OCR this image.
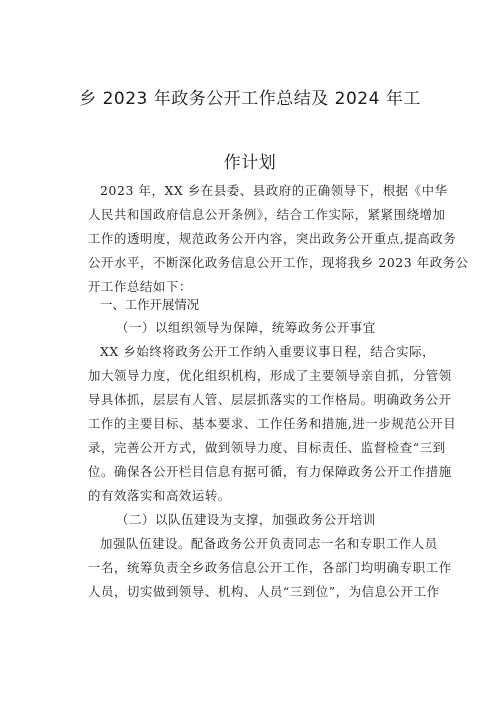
乡 2023 年政务公开工作总结及 2024 年工
作计划
2023 年，XX 乡在县委、县政府的正确领导下，根据《中华
人民共和国政府信息公开条例》，结合工作实际，紧紧围绕增加
工作的透明度，规范政务公开内容，突出政务公开重点,提高政务
公开水平，不断深化政务信息公开工作，现将我乡 2023 年政务公
开工作总结如下：
一、工作开展情况
（一）以组织领导为保障，统筹政务公开事宜
XX 乡始终将政务公开工作纳入重要议事日程，结合实际，
加大领导力度，优化组织机构，形成了主要领导亲自抓，分管领
导具体抓，层层有人管、层层抓落实的工作格局。明确政务公开
工作的主要目标、基本要求、工作任务和措施,进一步规范公开目
录，完善公开方式，做到领导力度、目标责任、监督检查“三到
位。确保各公开栏目信息有据可循，有力保障政务公开工作措施
的有效落实和高效运转。
（二）以队伍建设为支撑，加强政务公开培训
加强队伍建设。配备政务公开负责同志一名和专职工作人员
一名，统筹负责全乡政务信息公开工作，各部门均明确专职工作
人员，切实做到领导、机构、人员“三到位”，为信息公开工作
